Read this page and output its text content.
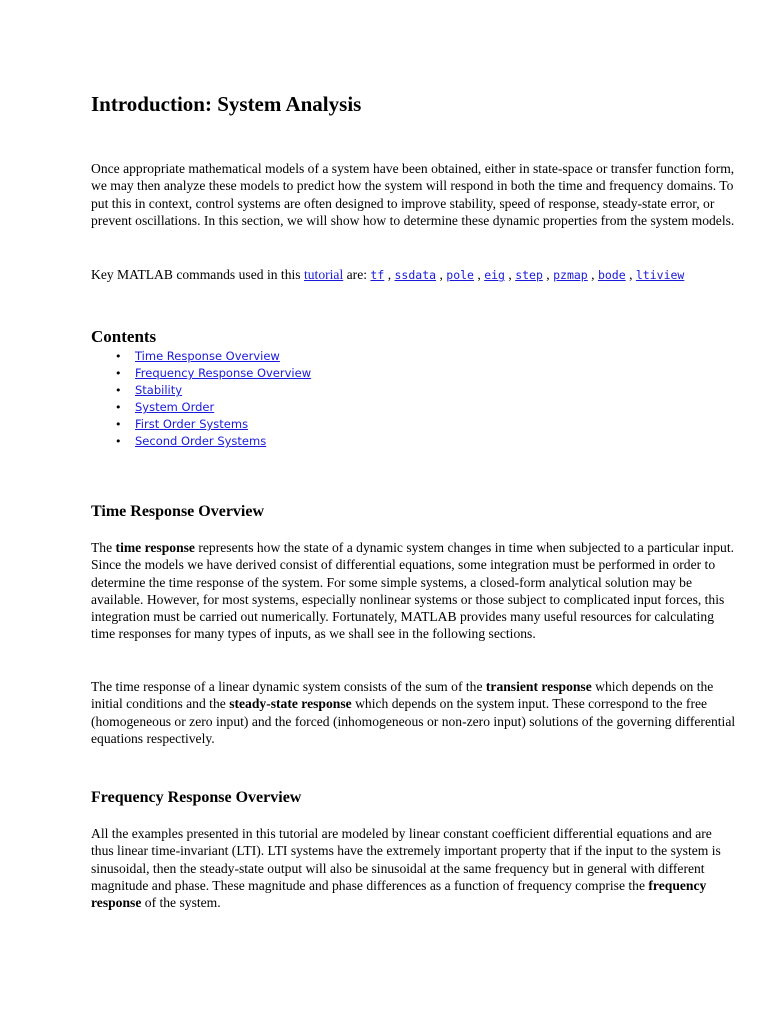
Introduction: System Analysis

Once appropriate mathematical models of a system have been obtained, either in state-space or transfer function form, we may then analyze these models to predict how the system will respond in both the time and frequency domains. To put this in context, control systems are often designed to improve stability, speed of response, steady-state error, or prevent oscillations. In this section, we will show how to determine these dynamic properties from the system models.

Key MATLAB commands used in this tutorial are: tf , ssdata , pole , eig , step , pzmap , bode , ltiview

Contents
• Time Response Overview
• Frequency Response Overview
• Stability
• System Order
• First Order Systems
• Second Order Systems
Time Response Overview

The time response represents how the state of a dynamic system changes in time when subjected to a particular input. Since the models we have derived consist of differential equations, some integration must be performed in order to determine the time response of the system. For some simple systems, a closed-form analytical solution may be available. However, for most systems, especially nonlinear systems or those subject to complicated input forces, this integration must be carried out numerically. Fortunately, MATLAB provides many useful resources for calculating time responses for many types of inputs, as we shall see in the following sections.

The time response of a linear dynamic system consists of the sum of the transient response which depends on the initial conditions and the steady-state response which depends on the system input. These correspond to the free (homogeneous or zero input) and the forced (inhomogeneous or non-zero input) solutions of the governing differential equations respectively.

Frequency Response Overview

All the examples presented in this tutorial are modeled by linear constant coefficient differential equations and are thus linear time-invariant (LTI). LTI systems have the extremely important property that if the input to the system is sinusoidal, then the steady-state output will also be sinusoidal at the same frequency but in general with different magnitude and phase. These magnitude and phase differences as a function of frequency comprise the frequency response of the system.
